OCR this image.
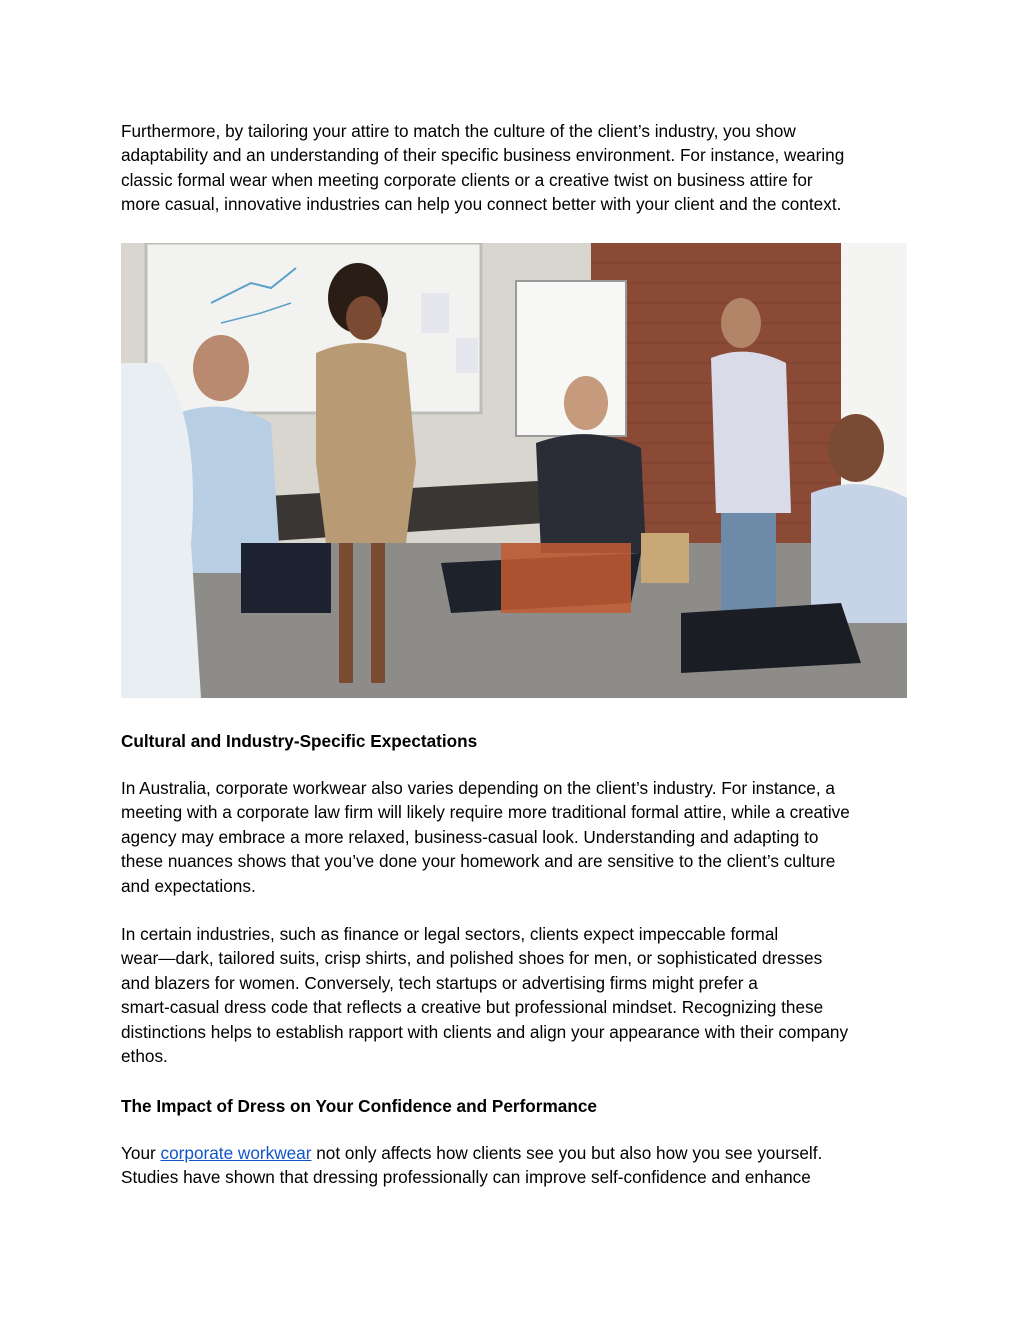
Furthermore, by tailoring your attire to match the culture of the client’s industry, you show
adaptability and an understanding of their specific business environment. For instance, wearing
classic formal wear when meeting corporate clients or a creative twist on business attire for
more casual, innovative industries can help you connect better with your client and the context.

Cultural and Industry-Specific Expectations

In Australia, corporate workwear also varies depending on the client’s industry. For instance, a
meeting with a corporate law firm will likely require more traditional formal attire, while a creative
agency may embrace a more relaxed, business-casual look. Understanding and adapting to
these nuances shows that you’ve done your homework and are sensitive to the client’s culture
and expectations.

In certain industries, such as finance or legal sectors, clients expect impeccable formal
wear—dark, tailored suits, crisp shirts, and polished shoes for men, or sophisticated dresses
and blazers for women. Conversely, tech startups or advertising firms might prefer a
smart-casual dress code that reflects a creative but professional mindset. Recognizing these
distinctions helps to establish rapport with clients and align your appearance with their company
ethos.

The Impact of Dress on Your Confidence and Performance

Your corporate workwear not only affects how clients see you but also how you see yourself.
Studies have shown that dressing professionally can improve self-confidence and enhance
